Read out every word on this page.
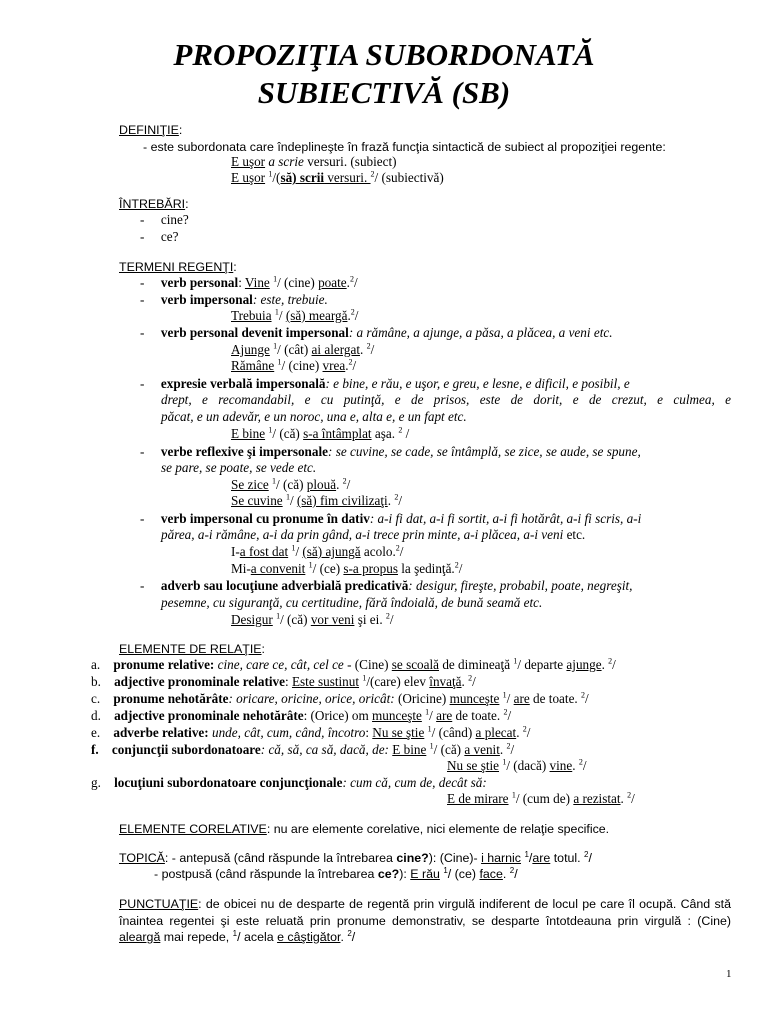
PROPOZIŢIA SUBORDONATĂ
SUBIECTIVĂ (SB)
DEFINIŢIE:
- este subordonata care îndeplineşte în frază funcţia sintactică de subiect al propoziţiei regente:
E uşor a scrie versuri. (subiect)
E uşor $^1$/(să) scrii versuri. $^2$/ (subiectivă)
ÎNTREBĂRI:
-     cine?
-     ce?
TERMENI REGENŢI:
-     verb personal: Vine $^1$/ (cine) poate.$^2$/
-     verb impersonal: este, trebuie.
Trebuia $^1$/ (să) meargă.$^2$/
-     verb personal devenit impersonal: a rămâne, a ajunge, a păsa, a plăcea, a veni etc.
Ajunge $^1$/ (cât) ai alergat. $^2$/
Rămâne $^1$/ (cine) vrea.$^2$/
-     expresie verbală impersonală: e bine, e rău, e uşor, e greu, e lesne, e dificil, e posibil, e
drept, e recomandabil, e cu putinţă, e de prisos, este de dorit, e de crezut, e culmea, e
păcat, e un adevăr, e un noroc, una e, alta e, e un fapt etc.
E bine $^1$/ (că) s-a întâmplat aşa. $^2$ /
-     verbe reflexive şi impersonale: se cuvine, se cade, se întâmplă, se zice, se aude, se spune,
se pare, se poate, se vede etc.
Se zice $^1$/ (că) plouă. $^2$/
Se cuvine $^1$/ (să) fim civilizaţi. $^2$/
-     verb impersonal cu pronume în dativ: a-i fi dat, a-i fi sortit, a-i fi hotărât, a-i fi scris, a-i
părea, a-i rămâne, a-i da prin gând, a-i trece prin minte, a-i plăcea, a-i veni etc.
I-a fost dat $^1$/ (să) ajungă acolo.$^2$/
Mi-a convenit $^1$/ (ce) s-a propus la şedinţă.$^2$/
-     adverb sau locuţiune adverbială predicativă: desigur, fireşte, probabil, poate, negreşit,
pesemne, cu siguranţă, cu certitudine, fără îndoială, de bună seamă etc.
Desigur $^1$/ (că) vor veni şi ei. $^2$/
ELEMENTE DE RELAŢIE:
a. pronume relative: cine, care ce, cât, cel ce - (Cine) se scoală de dimineaţă $^1$/ departe ajunge. $^2$/
b. adjective pronominale relative: Este sustinut $^1$/(care) elev învaţă. $^2$/
c. pronume nehotărâte: oricare, oricine, orice, oricât: (Oricine) munceşte $^1$/ are de toate. $^2$/
d. adjective pronominale nehotărâte: (Orice) om munceşte $^1$/ are de toate. $^2$/
e. adverbe relative: unde, cât, cum, când, încotro: Nu se ştie $^1$/ (când) a plecat. $^2$/
f. conjuncţii subordonatoare: că, să, ca să, dacă, de: E bine $^1$/ (că) a venit. $^2$/
Nu se ştie $^1$/ (dacă) vine. $^2$/
g. locuţiuni subordonatoare conjuncţionale: cum că, cum de, decât să:
E de mirare $^1$/ (cum de) a rezistat. $^2$/
ELEMENTE CORELATIVE: nu are elemente corelative, nici elemente de relaţie specifice.
TOPICĂ: - antepusă (când răspunde la întrebarea cine?): (Cine)- i harnic $^1$/are totul. $^2$/
- postpusă (când răspunde la întrebarea ce?): E rău $^1$/ (ce) face. $^2$/
PUNCTUAŢIE: de obicei nu de desparte de regentă prin virgulă indiferent de locul pe care îl ocupă. Când stă înaintea regentei şi este reluată prin pronume demonstrativ, se desparte întotdeauna prin virgulă : (Cine) aleargă mai repede, $^1$/ acela e câştigător. $^2$/
1
